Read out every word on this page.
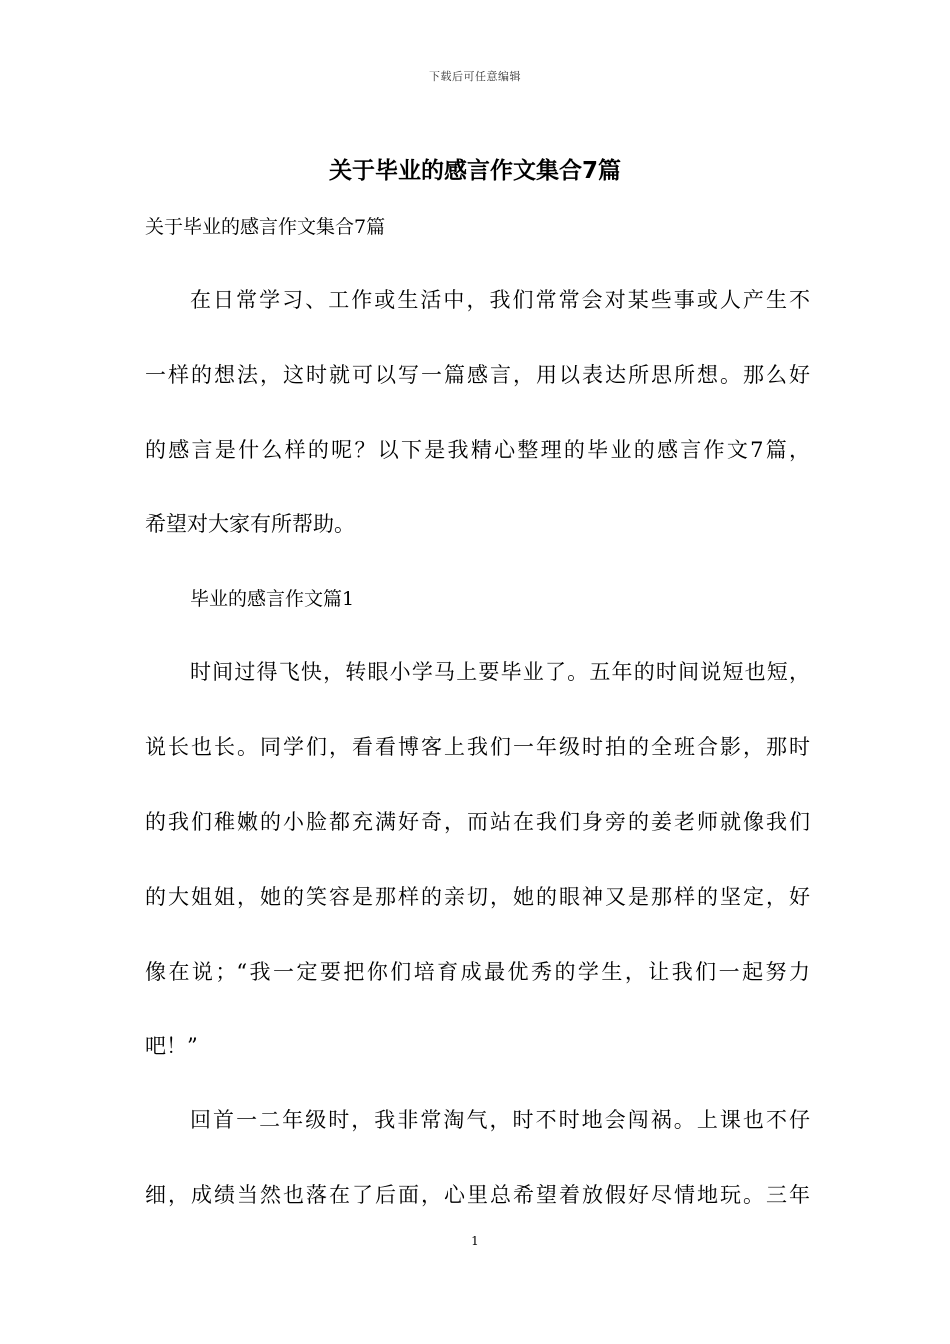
下载后可任意编辑
关于毕业的感言作文集合7篇
关于毕业的感言作文集合7篇
在日常学习、工作或生活中，我们常常会对某些事或人产生不
一样的想法，这时就可以写一篇感言，用以表达所思所想。那么好
的感言是什么样的呢？以下是我精心整理的毕业的感言作文7篇，
希望对大家有所帮助。
毕业的感言作文篇1
时间过得飞快，转眼小学马上要毕业了。五年的时间说短也短，
说长也长。同学们，看看博客上我们一年级时拍的全班合影，那时
的我们稚嫩的小脸都充满好奇，而站在我们身旁的姜老师就像我们
的大姐姐，她的笑容是那样的亲切，她的眼神又是那样的坚定，好
像在说；“我一定要把你们培育成最优秀的学生，让我们一起努力
吧！”
回首一二年级时，我非常淘气，时不时地会闯祸。上课也不仔
细，成绩当然也落在了后面，心里总希望着放假好尽情地玩。三年
1
